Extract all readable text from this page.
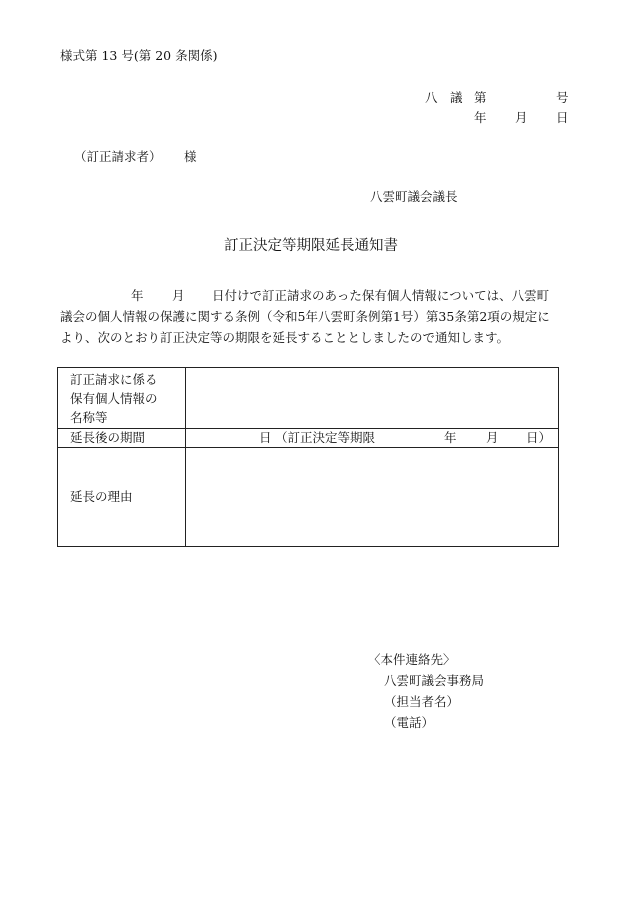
様式第 13 号(第 20 条関係)
八 議 第	号
年 月 日
（訂正請求者） 様
八雲町議会議長
訂正決定等期限延長通知書
年 月 日付けで訂正請求のあった保有個人情報については、八雲町
議会の個人情報の保護に関する条例（令和5年八雲町条例第1号）第35条第2項の規定に
より、次のとおり訂正決定等の期限を延長することとしましたので通知します。
訂正請求に係る
保有個人情報の
名称等	

延長後の期間	日 （訂正決定等期限 年 月 日）

延長の理由	
〈本件連絡先〉
八雲町議会事務局
（担当者名）
（電話）
